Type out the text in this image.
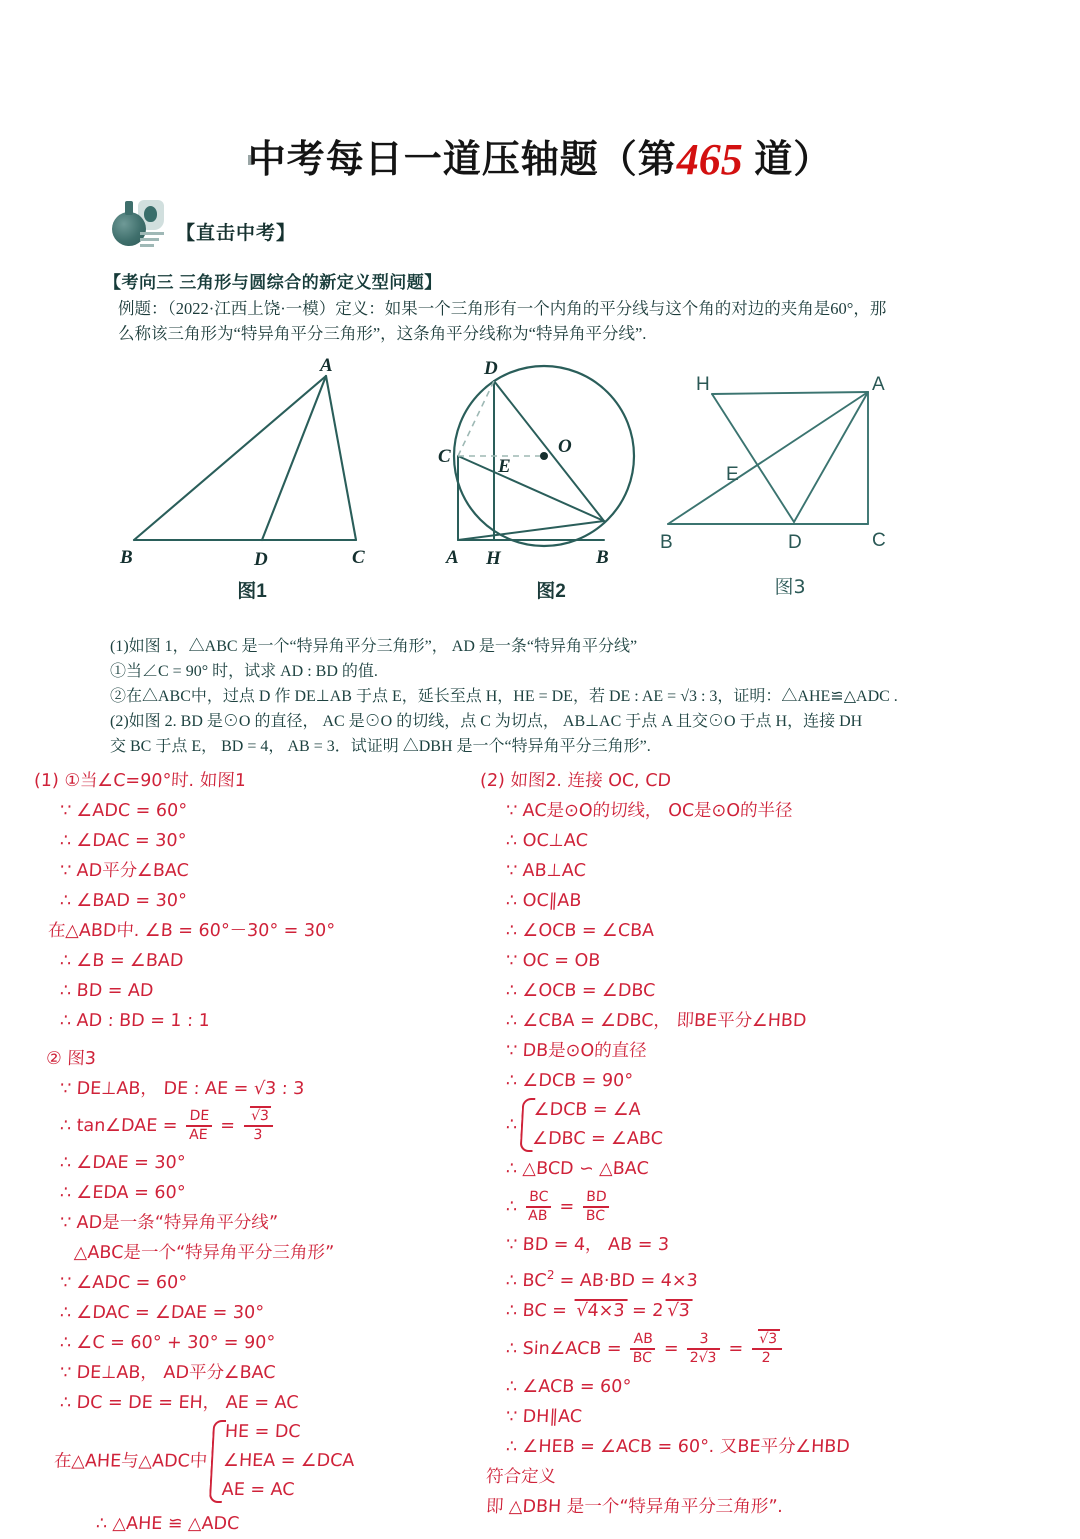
中考每日一道压轴题（第465 道）
【直击中考】
【考向三 三角形与圆综合的新定义型问题】
例题：（2022·江西上饶·一模）定义：如果一个三角形有一个内角的平分线与这个角的对边的夹角是60°，那
么称该三角形为“特异角平分三角形”，这条角平分线称为“特异角平分线”.
A
B	D	C
图1
D
C E
O
A H	B
图2
H	A
E
B	D	C
图3
(1)如图 1，△ABC 是一个“特异角平分三角形”， AD 是一条“特异角平分线”
①当∠C = 90° 时，试求 AD : BD 的值.
②在△ABC中，过点 D 作 DE⊥AB 于点 E，延长至点 H，HE = DE，若 DE : AE = √3 : 3，证明：△AHE≌△ADC .
(2)如图 2. BD 是⊙O 的直径， AC 是⊙O 的切线，点 C 为切点， AB⊥AC 于点 A 且交⊙O 于点 H，连接 DH
交 BC 于点 E， BD = 4， AB = 3．试证明 △DBH 是一个“特异角平分三角形”.
(1) ①当∠C=90°时. 如图1
∵ ∠ADC = 60°
∴ ∠DAC = 30°
∵ AD平分∠BAC
∴ ∠BAD = 30°
在△ABD中. ∠B = 60°－30° = 30°
∴ ∠B = ∠BAD
∴ BD = AD
∴ AD : BD = 1 : 1
② 图3
∵ DE⊥AB， DE : AE = √3 : 3
∴ tan∠DAE = $\frac{DE}{AE} = \frac{√3}{3}$
∴ ∠DAE = 30°
∴ ∠EDA = 60°
∵ AD是一条“特异角平分线”
△ABC是一个“特异角平分三角形”
∵ ∠ADC = 60°
∴ ∠DAC = ∠DAE = 30°
∴ ∠C = 60° + 30° = 90°
∵ DE⊥AB， AD平分∠BAC
∴ DC = DE = EH， AE = AC
在△AHE与△ADC中
HE = DC
∠HEA = ∠DCA
AE = AC
∴ △AHE ≌ △ADC
(2) 如图2. 连接 OC, CD
∵ AC是⊙O的切线， OC是⊙O的半径
∴ OC⊥AC
∵ AB⊥AC
∴ OC∥AB
∴ ∠OCB = ∠CBA
∵ OC = OB
∴ ∠OCB = ∠DBC
∴ ∠CBA = ∠DBC， 即BE平分∠HBD
∵ DB是⊙O的直径
∴ ∠DCB = 90°
∴
∠DCB = ∠A
∠DBC = ∠ABC
∴ △BCD ∽ △BAC
∴ $\frac{BC}{AB} = \frac{BD}{BC}$
∵ BD = 4， AB = 3
∴ $BC^2 = AB\cdot BD = 4\times 3$
∴ BC = √4×3 = 2 √3
∴ Sin∠ACB = $\frac{AB}{BC} = \frac{3}{2√3} = \frac{√3}{2}$
∴ ∠ACB = 60°
∵ DH∥AC
∴ ∠HEB = ∠ACB = 60°. 又BE平分∠HBD
符合定义
即 △DBH 是一个“特异角平分三角形”.
